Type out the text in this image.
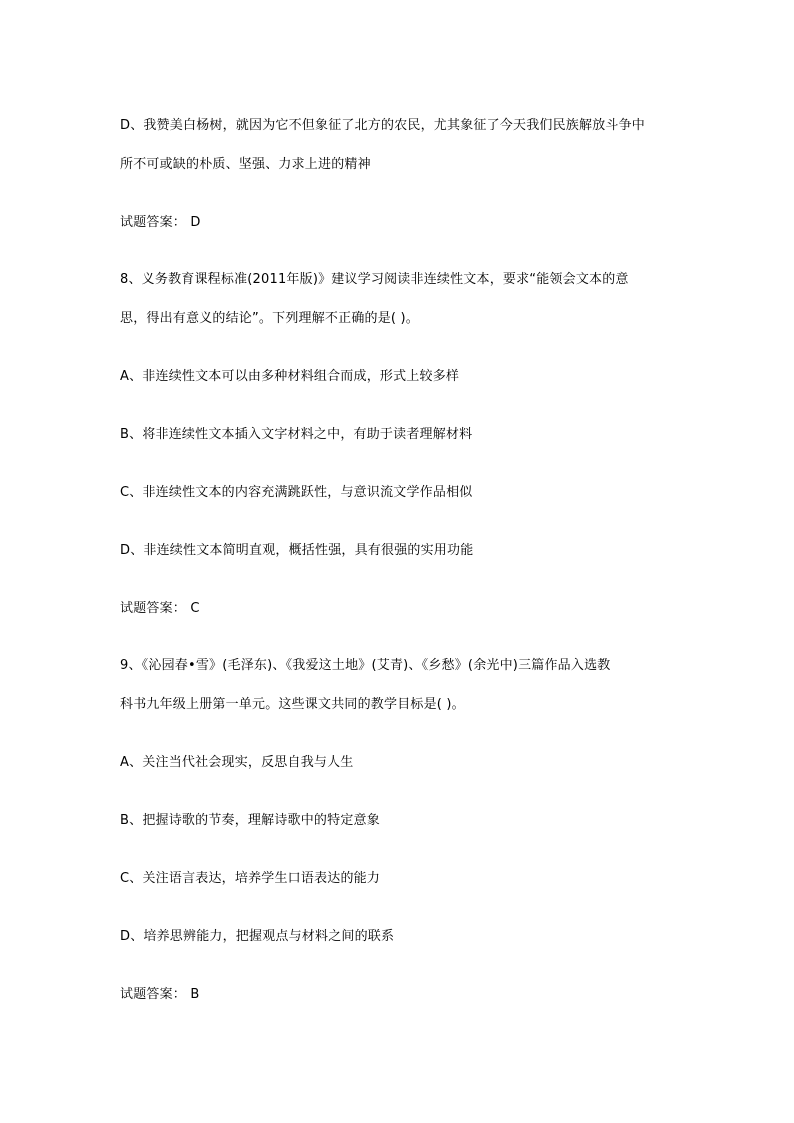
D、我赞美白杨树，就因为它不但象征了北方的农民，尤其象征了今天我们民族解放斗争中
所不可或缺的朴质、坚强、力求上进的精神
试题答案： D
8、义务教育课程标准(2011年版)》建议学习阅读非连续性文本，要求“能领会文本的意
思，得出有意义的结论”。下列理解不正确的是( )。
A、非连续性文本可以由多种材料组合而成，形式上较多样
B、将非连续性文本插入文字材料之中，有助于读者理解材料
C、非连续性文本的内容充满跳跃性，与意识流文学作品相似
D、非连续性文本简明直观，概括性强，具有很强的实用功能
试题答案： C
9、《沁园春•雪》(毛泽东)、《我爱这土地》(艾青)、《乡愁》(余光中)三篇作品入选教
科书九年级上册第一单元。这些课文共同的教学目标是( )。
A、关注当代社会现实，反思自我与人生
B、把握诗歌的节奏，理解诗歌中的特定意象
C、关注语言表达，培养学生口语表达的能力
D、培养思辨能力，把握观点与材料之间的联系
试题答案： B
